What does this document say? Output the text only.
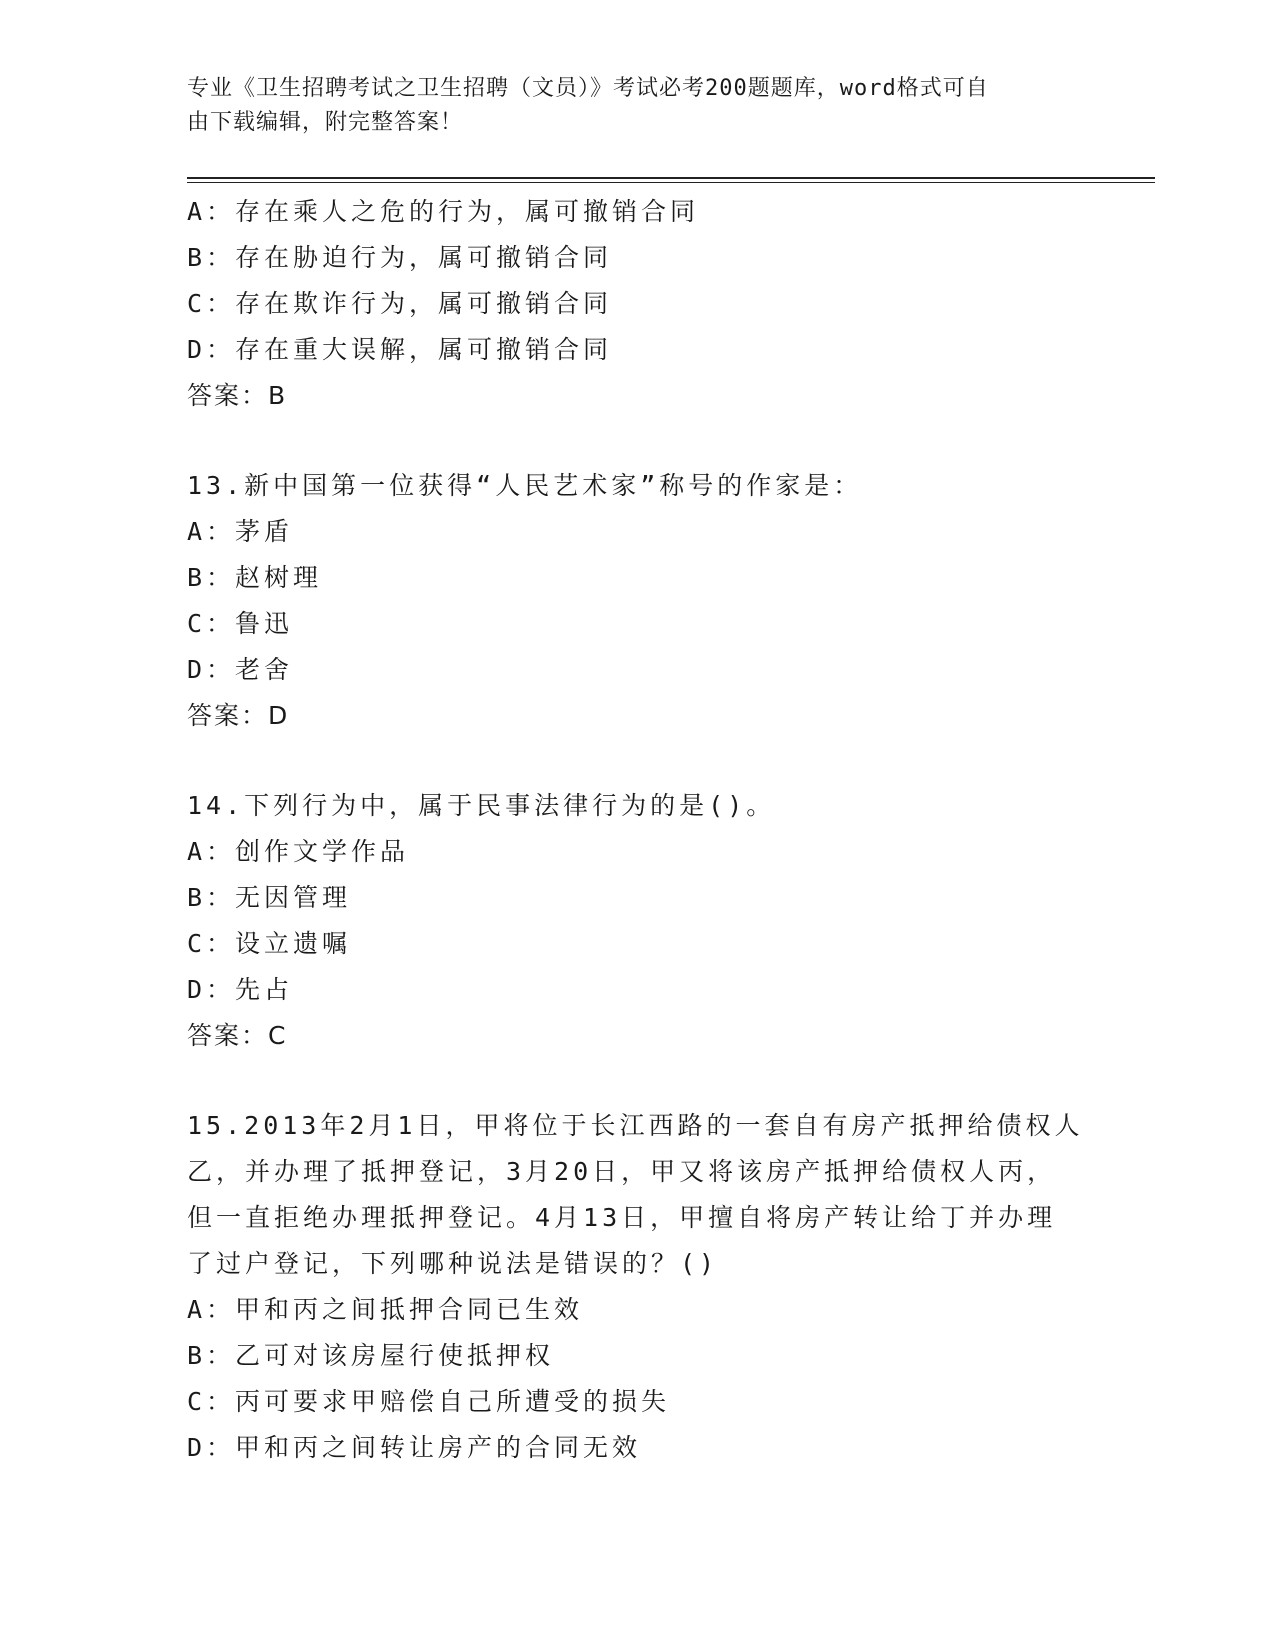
专业《卫生招聘考试之卫生招聘（文员）》考试必考200题题库，word格式可自
由下载编辑，附完整答案！
A：存在乘人之危的行为，属可撤销合同
B：存在胁迫行为，属可撤销合同
C：存在欺诈行为，属可撤销合同
D：存在重大误解，属可撤销合同
答案：B
13.新中国第一位获得“人民艺术家”称号的作家是：
A：茅盾
B：赵树理
C：鲁迅
D：老舍
答案：D
14.下列行为中，属于民事法律行为的是()。
A：创作文学作品
B：无因管理
C：设立遗嘱
D：先占
答案：C
15.2013年2月1日，甲将位于长江西路的一套自有房产抵押给债权人
乙，并办理了抵押登记，3月20日，甲又将该房产抵押给债权人丙，
但一直拒绝办理抵押登记。4月13日，甲擅自将房产转让给丁并办理
了过户登记，下列哪种说法是错误的？()
A：甲和丙之间抵押合同已生效
B：乙可对该房屋行使抵押权
C：丙可要求甲赔偿自己所遭受的损失
D：甲和丙之间转让房产的合同无效
